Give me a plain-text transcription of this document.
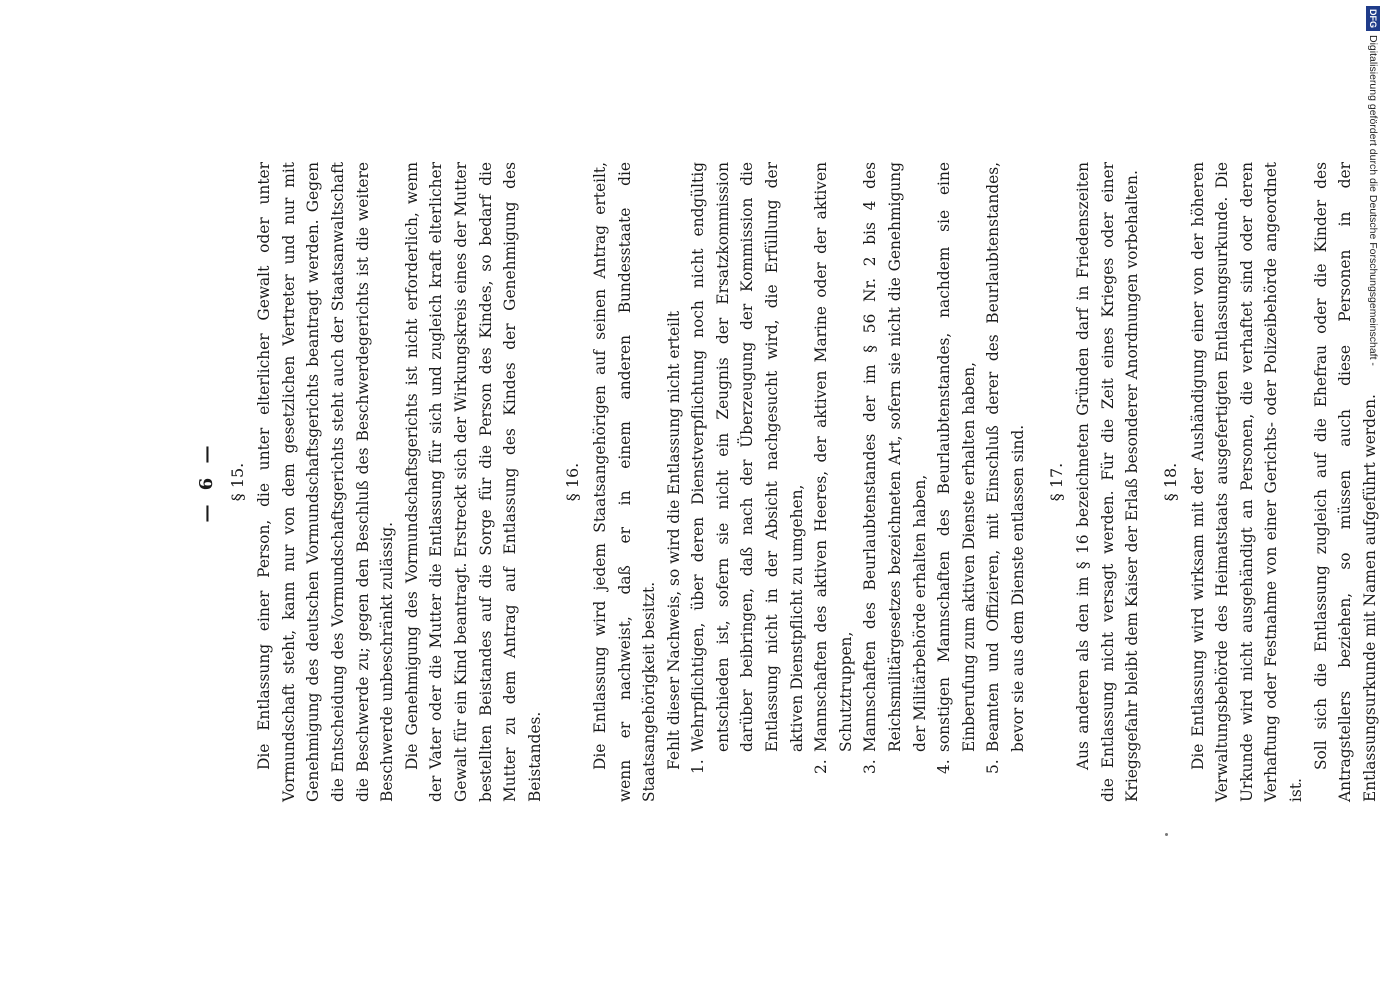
— 6 — § 15. Die Entlassung einer Person, die unter elterlicher Gewalt oder unter Vormundschaft steht, kann nur von dem gesetzlichen Vertreter und nur mit Genehmigung des deutschen Vormundschaftsgerichts beantragt werden. Gegen die Entscheidung des Vormundschaftsgerichts steht auch der Staatsanwaltschaft die Beschwerde zu; gegen den Beschluß des Beschwerdegerichts ist die weitere Beschwerde unbeschränkt zulässig. Die Genehmigung des Vormundschaftsgerichts ist nicht erforderlich, wenn der Vater oder die Mutter die Entlassung für sich und zugleich kraft elterlicher Gewalt für ein Kind beantragt. Erstreckt sich der Wirkungskreis eines der Mutter bestellten Beistandes auf die Sorge für die Person des Kindes, so bedarf die Mutter zu dem Antrag auf Entlassung des Kindes der Genehmigung des Beistandes.

§ 16. Die Entlassung wird jedem Staatsangehörigen auf seinen Antrag erteilt, wenn er nachweist, daß er in einem anderen Bundesstaate die Staatsangehörigkeit besitzt. Fehlt dieser Nachweis, so wird die Entlassung nicht erteilt 1.
Wehrpflichtigen, über deren Dienstverpflichtung noch nicht endgültig entschieden ist, sofern sie nicht ein Zeugnis der Ersatzkommission darüber beibringen, daß nach der Überzeugung der Kommission die Entlassung nicht in der Absicht nachgesucht wird, die Erfüllung der aktiven Dienstpflicht zu umgehen,
2.
Mannschaften des aktiven Heeres, der aktiven Marine oder der aktiven Schutztruppen,
3.
Mannschaften des Beurlaubtenstandes der im § 56 Nr. 2 bis 4 des Reichsmilitärgesetzes bezeichneten Art, sofern sie nicht die Genehmigung der Militärbehörde erhalten haben,
4.
sonstigen Mannschaften des Beurlaubtenstandes, nachdem sie eine Einberufung zum aktiven Dienste erhalten haben,
5.
Beamten und Offizieren, mit Einschluß derer des Beurlaubtenstandes, bevor sie aus dem Dienste entlassen sind. § 17. Aus anderen als den im § 16 bezeichneten Gründen darf in Friedenszeiten die Entlassung nicht versagt werden. Für die Zeit eines Krieges oder einer Kriegsgefahr bleibt dem Kaiser der Erlaß besonderer Anordnungen vorbehalten. § 18. Die Entlassung wird wirksam mit der Aushändigung einer von der höheren Verwaltungsbehörde des Heimatstaats ausgefertigten Entlassungsurkunde. Die Urkunde wird nicht ausgehändigt an Personen, die verhaftet sind oder deren Verhaftung oder Festnahme von einer Gerichts- oder Polizeibehörde angeordnet ist.

Soll sich die Entlassung zugleich auf die Ehefrau oder die Kinder des Antragstellers beziehen, so müssen auch diese Personen in der Entlassungsurkunde mit Namen aufgeführt werden.

DFG
Digitalisierung gefördert durch die Deutsche Forschungsgemeinschaft -
